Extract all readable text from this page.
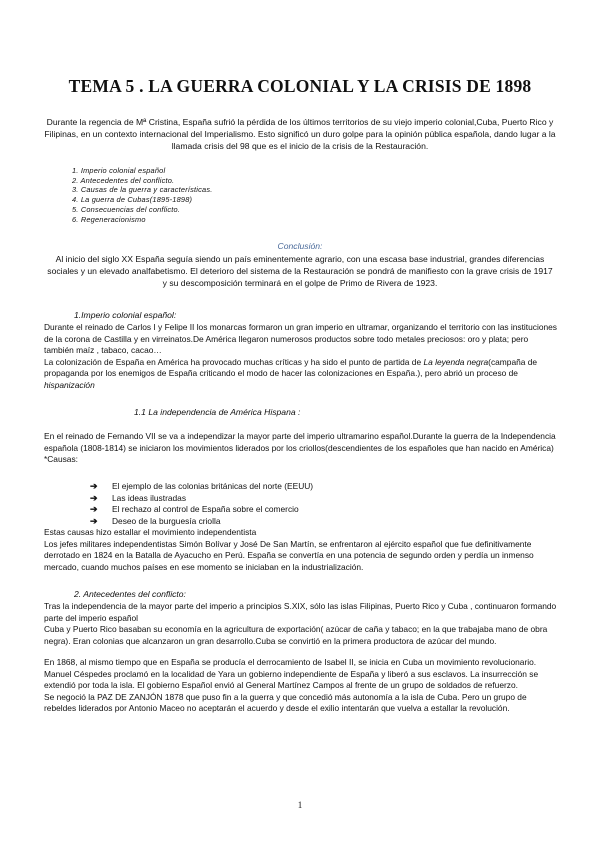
TEMA 5 . LA GUERRA COLONIAL Y LA CRISIS DE 1898
Durante la regencia de Mª Cristina, España sufrió la pérdida de los últimos territorios de su viejo imperio colonial,Cuba, Puerto Rico y Filipinas, en un contexto internacional del Imperialismo. Esto significó un duro golpe para la opinión pública española, dando lugar a la llamada crisis del 98 que es el inicio de la crisis de la Restauración.
1. Imperio colonial español
2. Antecedentes del conflicto.
3. Causas de la guerra y características.
4. La guerra de Cubas(1895-1898)
5. Consecuencias del conflicto.
6. Regeneracionismo
Conclusión:
Al inicio del siglo XX España seguía siendo un país eminentemente agrario, con una escasa base industrial, grandes diferencias sociales y un elevado analfabetismo. El deterioro del sistema de la Restauración se pondrá de manifiesto con la grave crisis de 1917 y su descomposición terminará en el golpe de Primo de Rivera de 1923.
1.Imperio colonial español:

Durante el reinado de Carlos I y Felipe II los monarcas formaron un gran imperio en ultramar, organizando el territorio con las instituciones de la corona de Castilla y en virreinatos.De América llegaron numerosos productos sobre todo metales preciosos: oro y plata; pero también maíz , tabaco, cacao…

La colonización de España en América ha provocado muchas críticas y ha sido el punto de partida de La leyenda negra(campaña de propaganda por los enemigos de España criticando el modo de hacer las colonizaciones en España.), pero abrió un proceso de hispanización

1.1 La independencia de América Hispana :

En el reinado de Fernando VII se va a independizar la mayor parte del imperio ultramarino español.Durante la guerra de la Independencia española (1808-1814) se iniciaron los movimientos liderados por los criollos(descendientes de los españoles que han nacido en América)

*Causas:

➔	El ejemplo de las colonias británicas del norte (EEUU)
➔	Las ideas ilustradas
➔	El rechazo al control de España sobre el comercio
➔	Deseo de la burguesía criolla

Estas causas hizo estallar el movimiento independentista

Los jefes militares independentistas Simón Bolívar y José De San Martín, se enfrentaron al ejército español que fue definitivamente derrotado en 1824 en la Batalla de Ayacucho en Perú. España se convertía en una potencia de segundo orden y perdía un inmenso mercado, cuando muchos países en ese momento se iniciaban en la industrialización.

2. Antecedentes del conflicto:

Tras la independencia de la mayor parte del imperio a principios S.XIX, sólo las islas Filipinas, Puerto Rico y Cuba , continuaron formando parte del imperio español

Cuba y Puerto Rico basaban su economía en la agricultura de exportación( azúcar de caña y tabaco; en la que trabajaba mano de obra negra). Eran colonias que alcanzaron un gran desarrollo.Cuba se convirtió en la primera productora de azúcar del mundo.

En 1868, al mismo tiempo que en España se producía el derrocamiento de Isabel II, se inicia en Cuba un movimiento revolucionario. Manuel Céspedes proclamó en la localidad de Yara un gobierno independiente de España y liberó a sus esclavos. La insurrección se extendió por toda la isla. El gobierno Español envió al General Martínez Campos al frente de un grupo de soldados de refuerzo.

Se negoció la PAZ DE ZANJÓN 1878 que puso fin a la guerra y que concedió más autonomía a la isla de Cuba. Pero un grupo de rebeldes liderados por Antonio Maceo no aceptarán el acuerdo y desde el exilio intentarán que vuelva a estallar la revolución.

1
